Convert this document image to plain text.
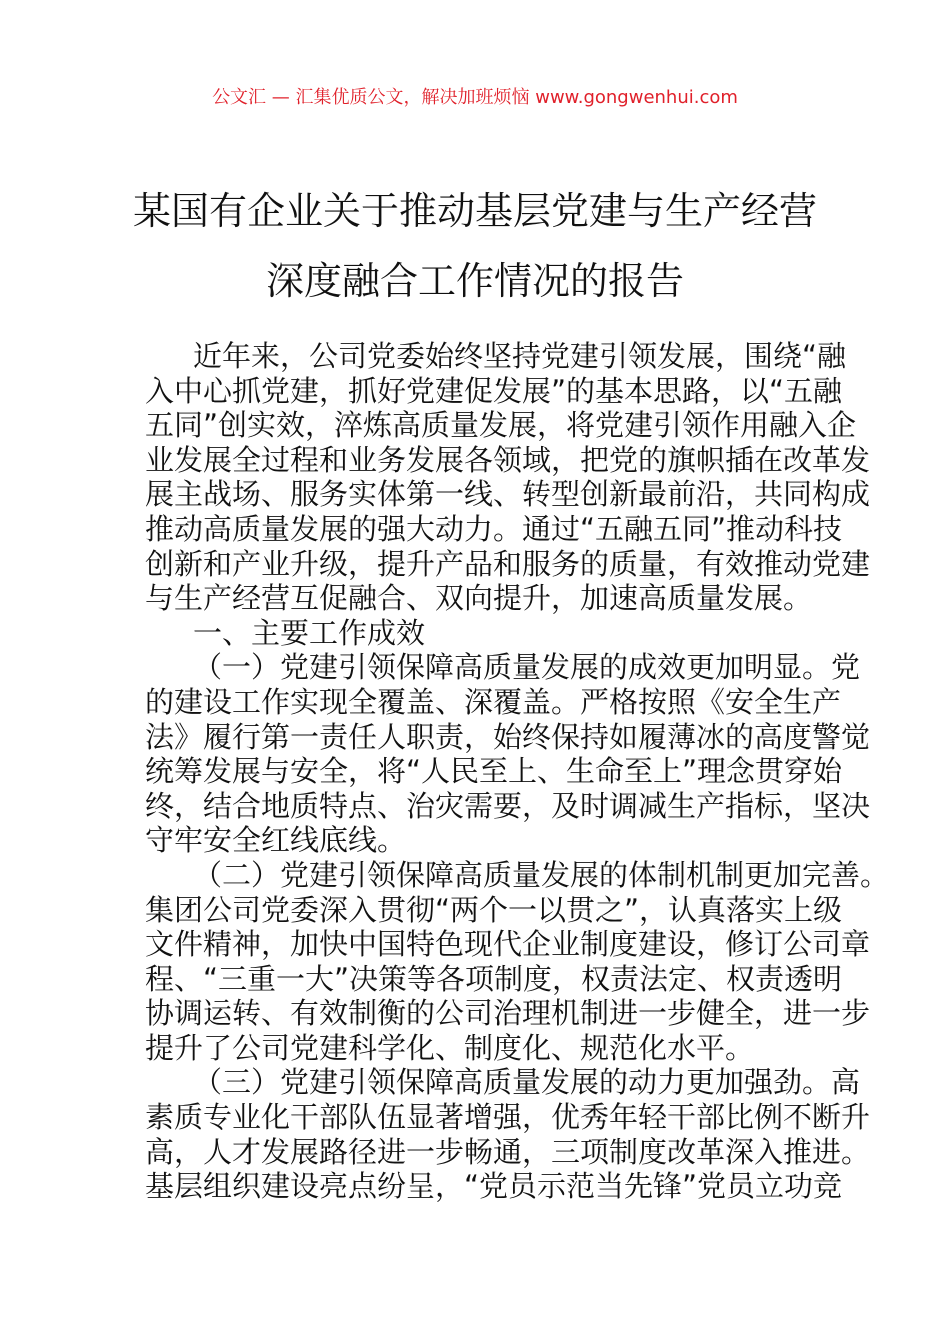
公文汇 — 汇集优质公文，解决加班烦恼 www.gongwenhui.com
某国有企业关于推动基层党建与生产经营
深度融合工作情况的报告
近年来，公司党委始终坚持党建引领发展，围绕“融
入中心抓党建，抓好党建促发展”的基本思路，以“五融
五同”创实效，淬炼高质量发展，将党建引领作用融入企
业发展全过程和业务发展各领域，把党的旗帜插在改革发
展主战场、服务实体第一线、转型创新最前沿，共同构成
推动高质量发展的强大动力。通过“五融五同”推动科技
创新和产业升级，提升产品和服务的质量，有效推动党建
与生产经营互促融合、双向提升，加速高质量发展。
一、主要工作成效
（一）党建引领保障高质量发展的成效更加明显。党
的建设工作实现全覆盖、深覆盖。严格按照《安全生产
法》履行第一责任人职责，始终保持如履薄冰的高度警觉
统筹发展与安全，将“人民至上、生命至上”理念贯穿始
终，结合地质特点、治灾需要，及时调减生产指标，坚决
守牢安全红线底线。
（二）党建引领保障高质量发展的体制机制更加完善。
集团公司党委深入贯彻“两个一以贯之”，认真落实上级
文件精神，加快中国特色现代企业制度建设，修订公司章
程、“三重一大”决策等各项制度，权责法定、权责透明
协调运转、有效制衡的公司治理机制进一步健全，进一步
提升了公司党建科学化、制度化、规范化水平。
（三）党建引领保障高质量发展的动力更加强劲。高
素质专业化干部队伍显著增强，优秀年轻干部比例不断升
高，人才发展路径进一步畅通，三项制度改革深入推进。
基层组织建设亮点纷呈，“党员示范当先锋”党员立功竞
